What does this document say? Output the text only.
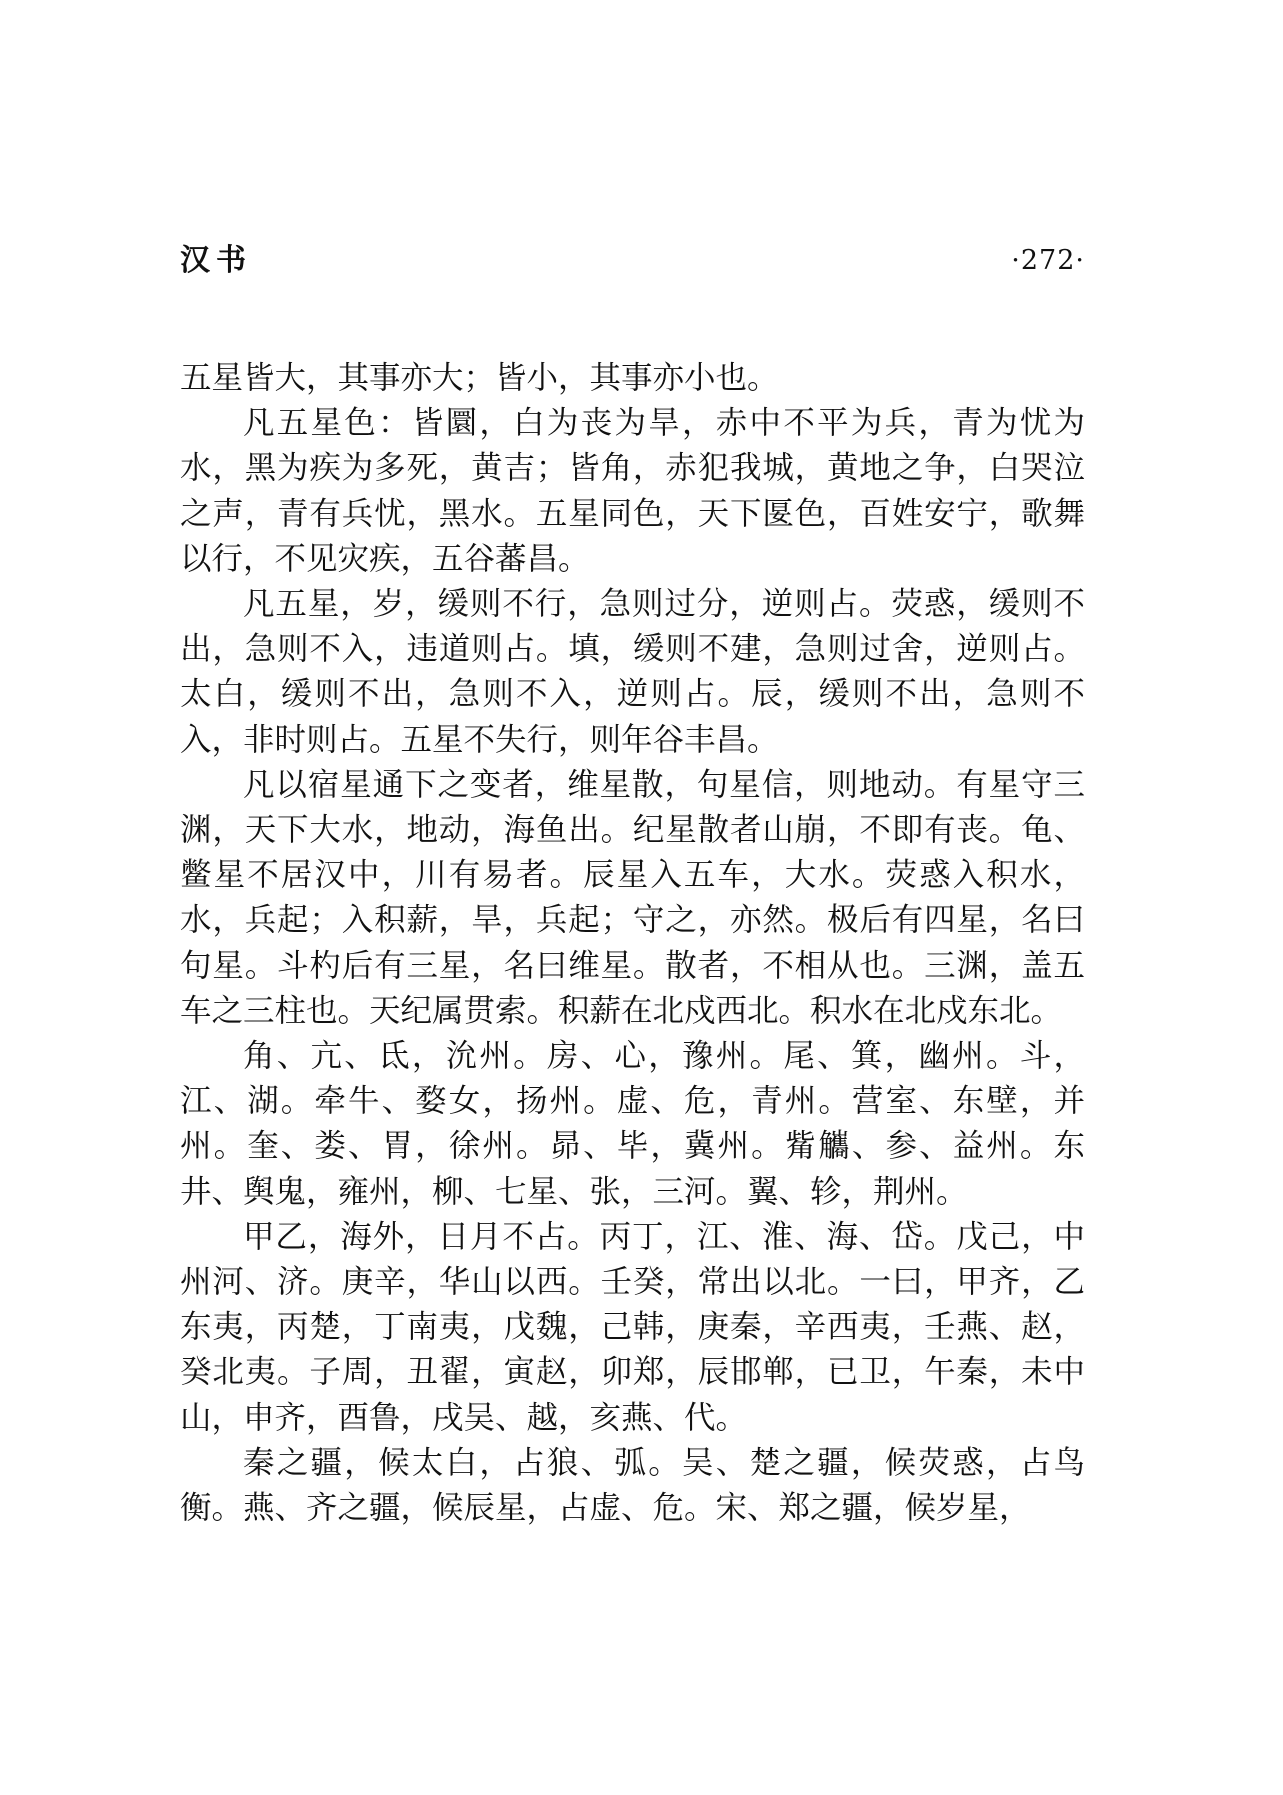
汉书	·272·

五星皆大，其事亦大；皆小，其事亦小也。

凡五星色：皆圜，白为丧为旱，赤中不平为兵，青为忧为水，黑为疾为多死，黄吉；皆角，赤犯我城，黄地之争，白哭泣之声，青有兵忧，黑水。五星同色，天下匽色，百姓安宁，歌舞以行，不见灾疾，五谷蕃昌。

凡五星，岁，缓则不行，急则过分，逆则占。荧惑，缓则不出，急则不入，违道则占。填，缓则不建，急则过舍，逆则占。太白，缓则不出，急则不入，逆则占。辰，缓则不出，急则不入，非时则占。五星不失行，则年谷丰昌。

凡以宿星通下之变者，维星散，句星信，则地动。有星守三渊，天下大水，地动，海鱼出。纪星散者山崩，不即有丧。龟、鳖星不居汉中，川有易者。辰星入五车，大水。荧惑入积水，水，兵起；入积薪，旱，兵起；守之，亦然。极后有四星，名曰句星。斗杓后有三星，名曰维星。散者，不相从也。三渊，盖五车之三柱也。天纪属贯索。积薪在北戍西北。积水在北戍东北。

角、亢、氐，沇州。房、心，豫州。尾、箕，幽州。斗，江、湖。牵牛、婺女，扬州。虚、危，青州。营室、东壁，并州。奎、娄、胃，徐州。昴、毕，冀州。觜觿、参、益州。东井、舆鬼，雍州，柳、七星、张，三河。翼、轸，荆州。

甲乙，海外，日月不占。丙丁，江、淮、海、岱。戊己，中州河、济。庚辛，华山以西。壬癸，常出以北。一曰，甲齐，乙东夷，丙楚，丁南夷，戊魏，己韩，庚秦，辛西夷，壬燕、赵，癸北夷。子周，丑翟，寅赵，卯郑，辰邯郸，已卫，午秦，未中山，申齐，酉鲁，戌吴、越，亥燕、代。

秦之疆，候太白，占狼、弧。吴、楚之疆，候荧惑，占鸟衡。燕、齐之疆，候辰星，占虚、危。宋、郑之疆，候岁星，
